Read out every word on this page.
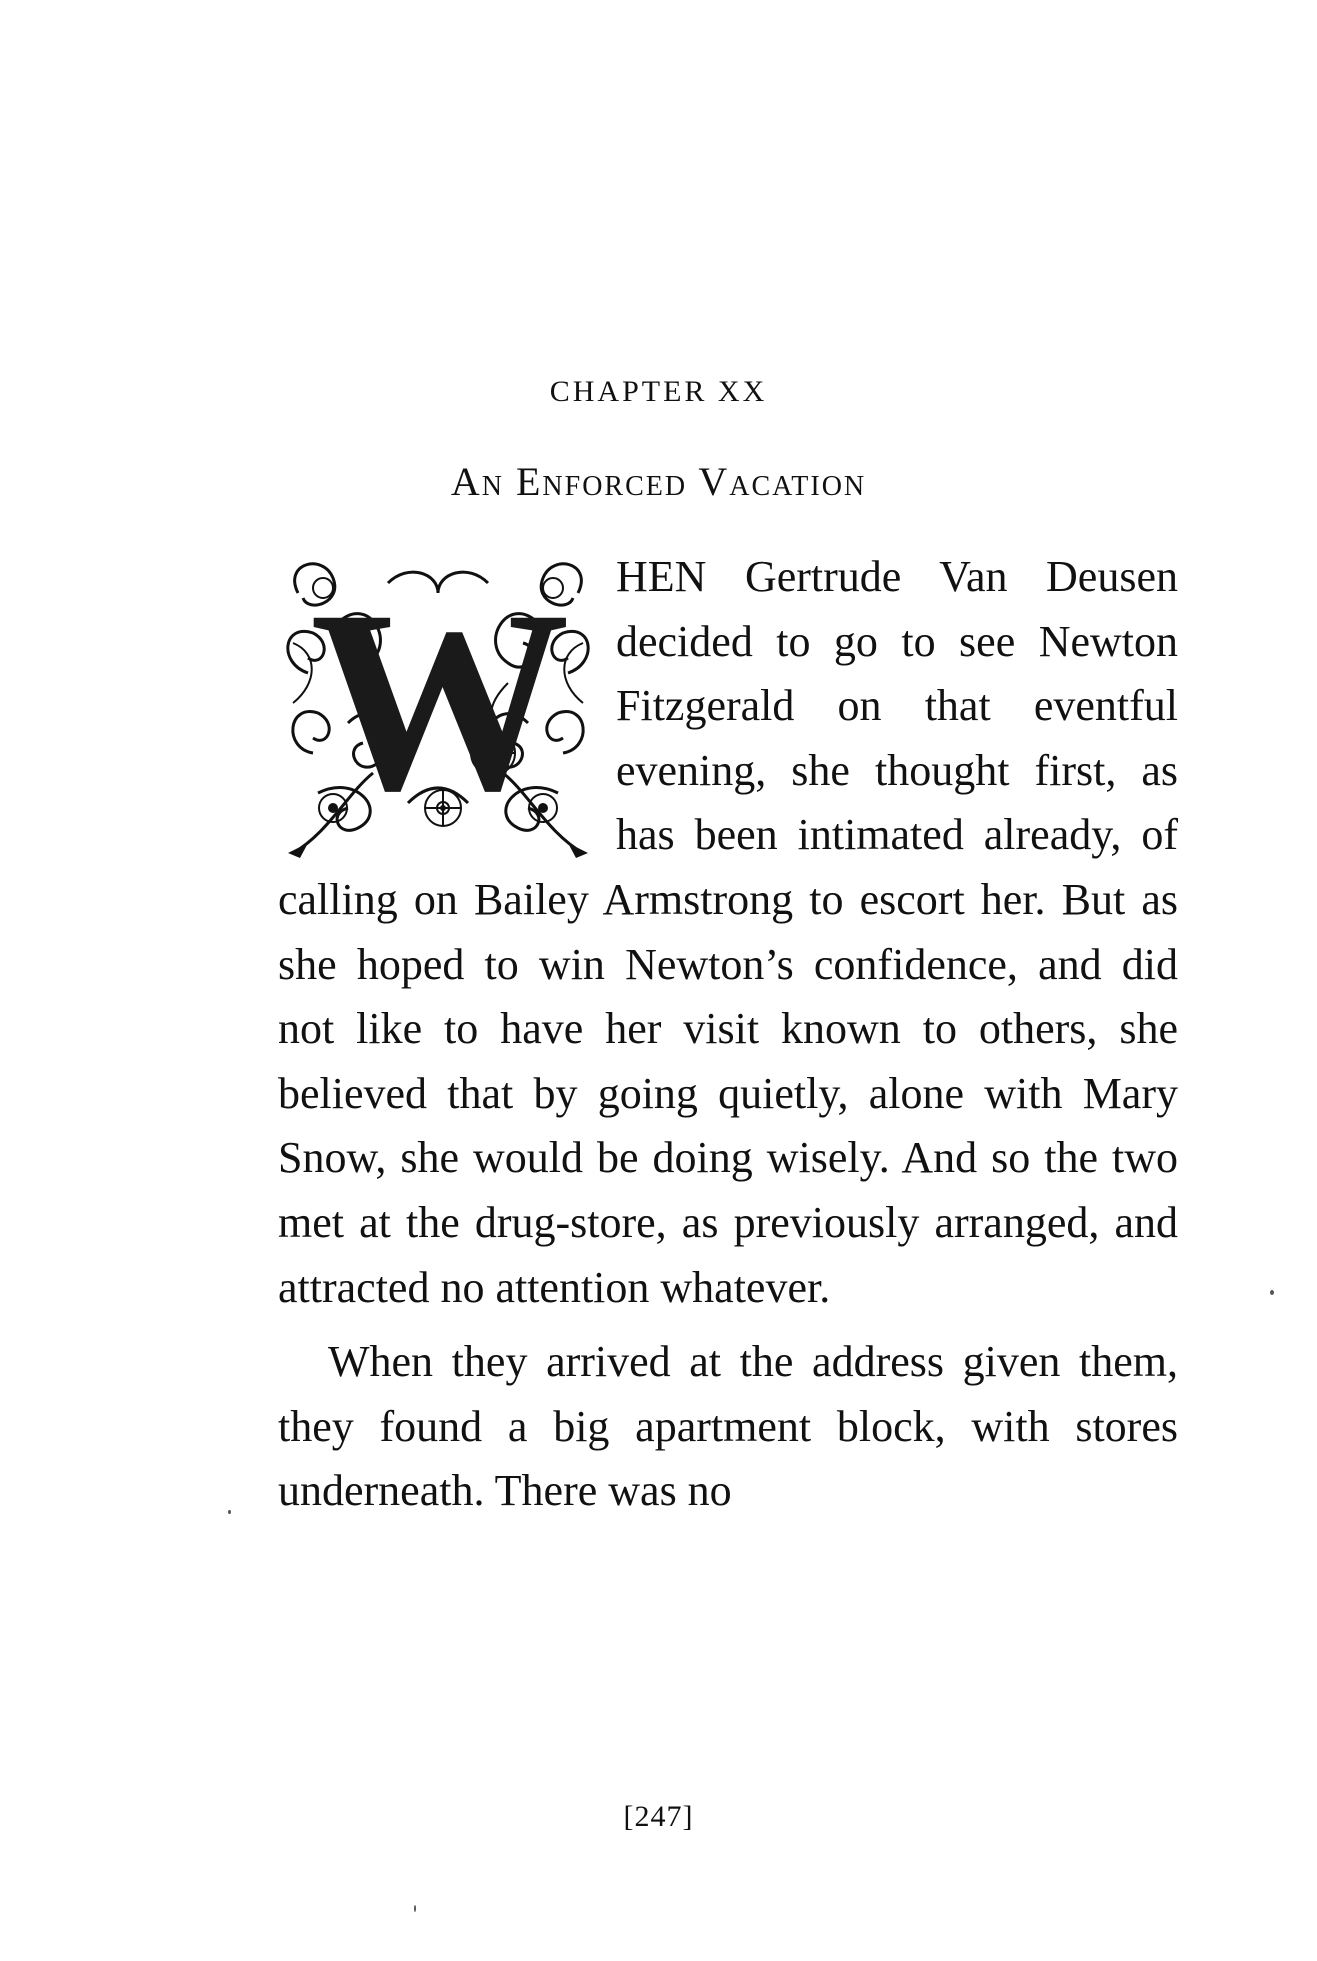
CHAPTER XX
An Enforced Vacation
W	HEN Gertrude Van Deusen decided to go to see Newton Fitzgerald on that eventful evening, she thought first, as has been intimated already, of calling on Bailey Armstrong to escort her. But as she hoped to win Newton’s confidence, and did not like to have her visit known to others, she believed that by going quietly, alone with Mary Snow, she would be doing wisely. And so the two met at the drug-store, as previously arranged, and attracted no attention whatever.

When they arrived at the address given them, they found a big apartment block, with stores underneath. There was no

[247]
